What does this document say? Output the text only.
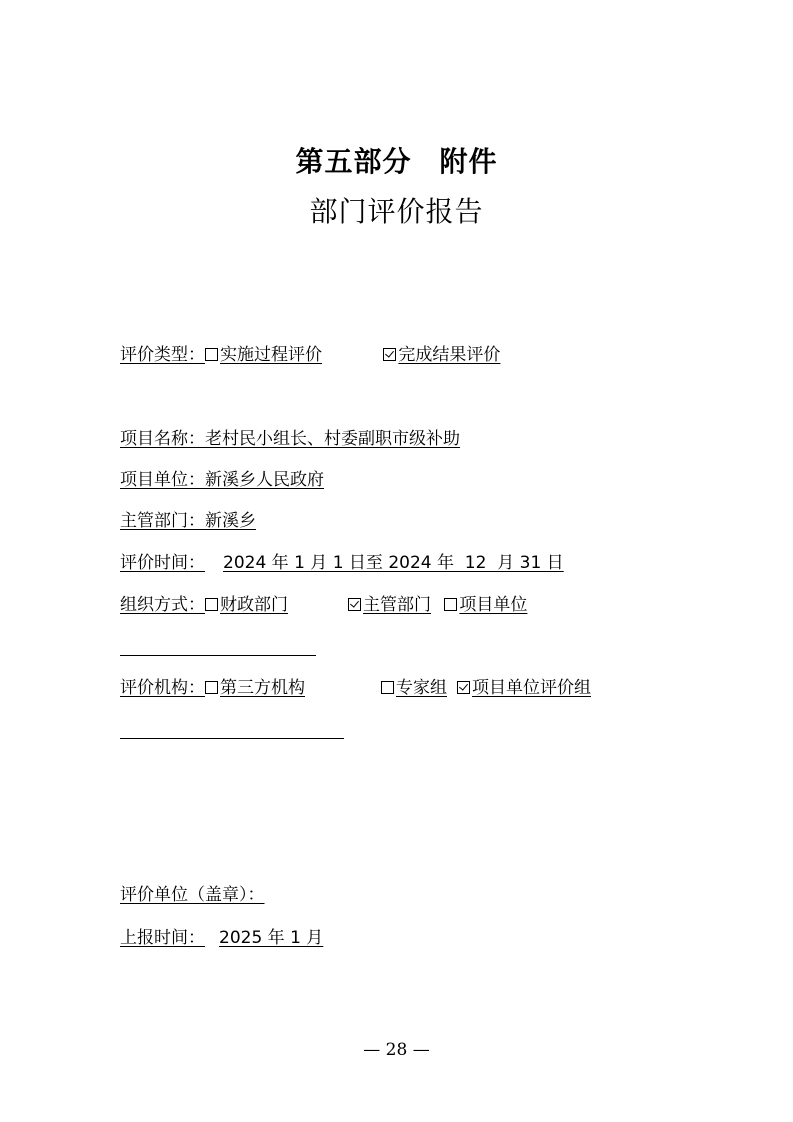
第五部分 附件
部门评价报告
评价类型： 实施过程评价	完成结果评价
项目名称：老村民小组长、村委副职市级补助
项目单位：新溪乡人民政府
主管部门：新溪乡
评价时间： 2024 年 1 月 1 日至 2024 年  12  月 31 日
组织方式： 财政部门	主管部门 项目单位
评价机构： 第三方机构	专家组 项目单位评价组
评价单位（盖章）：
上报时间： 2025 年 1 月
— 28 —
